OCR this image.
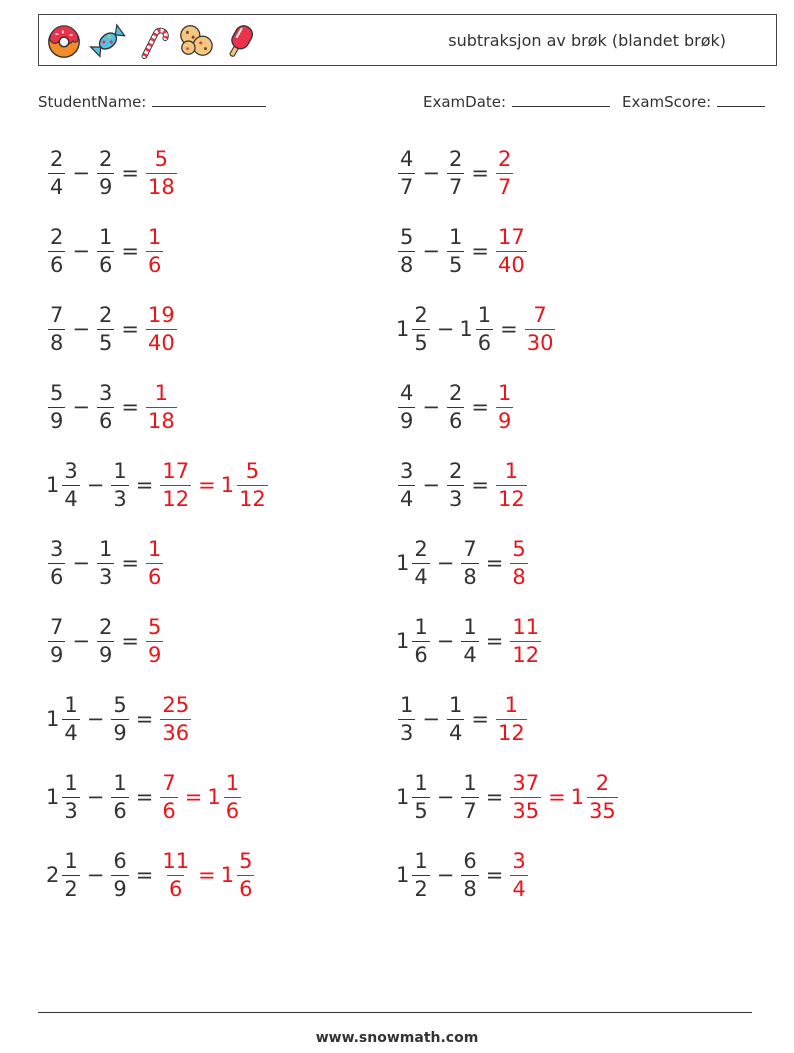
subtraksjon av brøk (blandet brøk)
StudentName:	ExamDate:	ExamScore:
$\frac{2}{4} - \frac{2}{9} = \frac{5}{18}$	$\frac{4}{7} - \frac{2}{7} = \frac{2}{7}$
$\frac{2}{6} - \frac{1}{6} = \frac{1}{6}$	$\frac{5}{8} - \frac{1}{5} = \frac{17}{40}$
$\frac{7}{8} - \frac{2}{5} = \frac{19}{40}$	$1 \frac{2}{5} - 1 \frac{1}{6} = \frac{7}{30}$
$\frac{5}{9} - \frac{3}{6} = \frac{1}{18}$	$\frac{4}{9} - \frac{2}{6} = \frac{1}{9}$
$1 \frac{3}{4} - \frac{1}{3} = \frac{17}{12} = 1 \frac{5}{12}$	$\frac{3}{4} - \frac{2}{3} = \frac{1}{12}$
$\frac{3}{6} - \frac{1}{3} = \frac{1}{6}$	$1 \frac{2}{4} - \frac{7}{8} = \frac{5}{8}$
$\frac{7}{9} - \frac{2}{9} = \frac{5}{9}$	$1 \frac{1}{6} - \frac{1}{4} = \frac{11}{12}$
$1 \frac{1}{4} - \frac{5}{9} = \frac{25}{36}$	$\frac{1}{3} - \frac{1}{4} = \frac{1}{12}$
$1 \frac{1}{3} - \frac{1}{6} = \frac{7}{6} = 1 \frac{1}{6}$	$1 \frac{1}{5} - \frac{1}{7} = \frac{37}{35} = 1 \frac{2}{35}$
$2 \frac{1}{2} - \frac{6}{9} = \frac{11}{6} = 1 \frac{5}{6}$	$1 \frac{1}{2} - \frac{6}{8} = \frac{3}{4}$
www.snowmath.com
